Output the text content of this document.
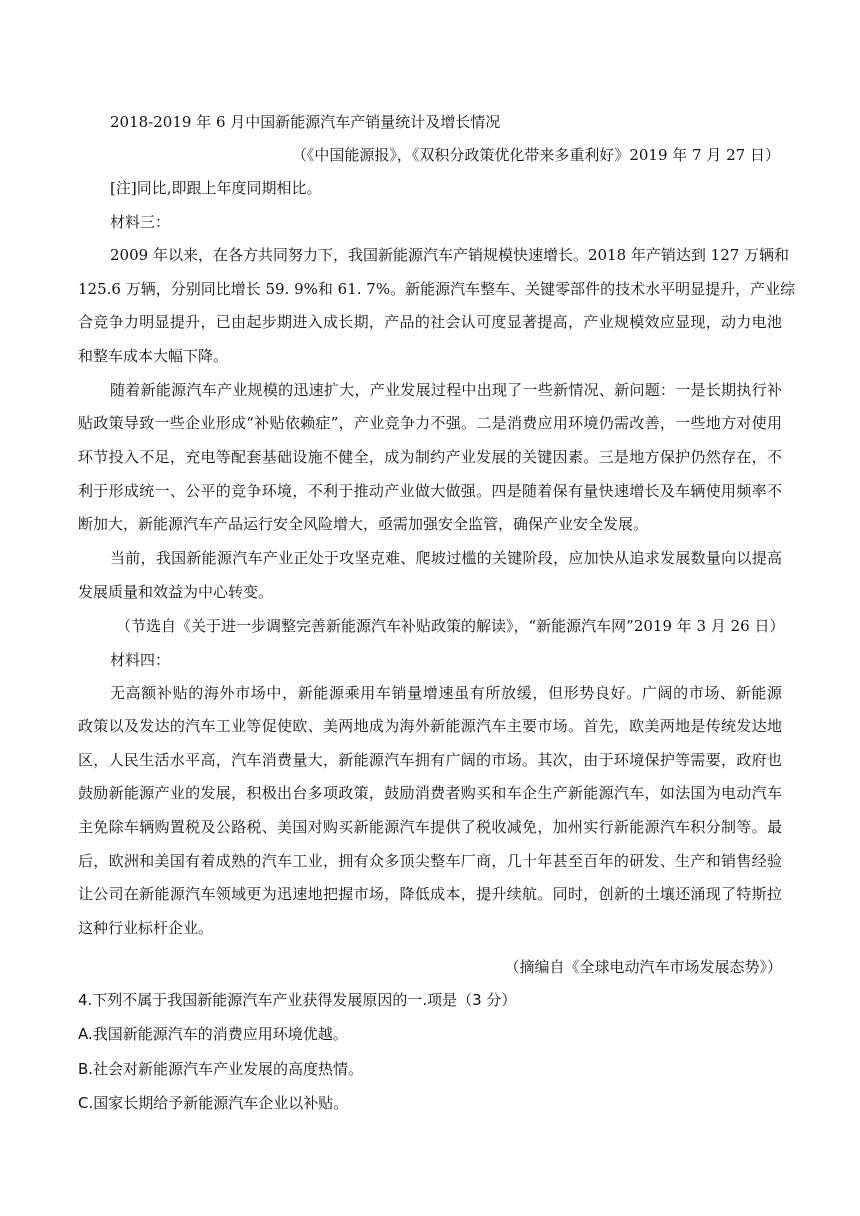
2018-2019 年 6 月中国新能源汽车产销量统计及增长情况
（《中国能源报》，《双积分政策优化带来多重利好》2019 年 7 月 27 日）
[注]同比,即跟上年度同期相比。
材料三：
2009 年以来，在各方共同努力下，我国新能源汽车产销规模快速增长。2018 年产销达到 127 万辆和
125.6 万辆，分别同比增长 59. 9%和 61. 7%。新能源汽车整车、关键零部件的技术水平明显提升，产业综
合竞争力明显提升，已由起步期进入成长期，产品的社会认可度显著提高，产业规模效应显现，动力电池
和整车成本大幅下降。
随着新能源汽车产业规模的迅速扩大，产业发展过程中出现了一些新情况、新问题：一是长期执行补
贴政策导致一些企业形成“补贴依赖症”，产业竞争力不强。二是消费应用环境仍需改善，一些地方对使用
环节投入不足，充电等配套基础设施不健全，成为制约产业发展的关键因素。三是地方保护仍然存在，不
利于形成统一、公平的竞争环境，不利于推动产业做大做强。四是随着保有量快速增长及车辆使用频率不
断加大，新能源汽车产品运行安全风险增大，亟需加强安全监管，确保产业安全发展。
当前，我国新能源汽车产业正处于攻坚克难、爬坡过槛的关键阶段，应加快从追求发展数量向以提高
发展质量和效益为中心转变。
（节选自《关于进一步调整完善新能源汽车补贴政策的解读》，“新能源汽车网”2019 年 3 月 26 日）
材料四：
无高额补贴的海外市场中，新能源乘用车销量增速虽有所放缓，但形势良好。广阔的市场、新能源
政策以及发达的汽车工业等促使欧、美两地成为海外新能源汽车主要市场。首先，欧美两地是传统发达地
区，人民生活水平高，汽车消费量大，新能源汽车拥有广阔的市场。其次，由于环境保护等需要，政府也
鼓励新能源产业的发展，积极出台多项政策，鼓励消费者购买和车企生产新能源汽车，如法国为电动汽车
主免除车辆购置税及公路税、美国对购买新能源汽车提供了税收减免，加州实行新能源汽车积分制等。最
后，欧洲和美国有着成熟的汽车工业，拥有众多顶尖整车厂商，几十年甚至百年的研发、生产和销售经验
让公司在新能源汽车领域更为迅速地把握市场，降低成本，提升续航。同时，创新的土壤还涌现了特斯拉
这种行业标杆企业。
（摘编自《全球电动汽车市场发展态势》）
4.下列不属于我国新能源汽车产业获得发展原因的一.项是（3 分）
A.我国新能源汽车的消费应用环境优越。
B.社会对新能源汽车产业发展的高度热情。
C.国家长期给予新能源汽车企业以补贴。
